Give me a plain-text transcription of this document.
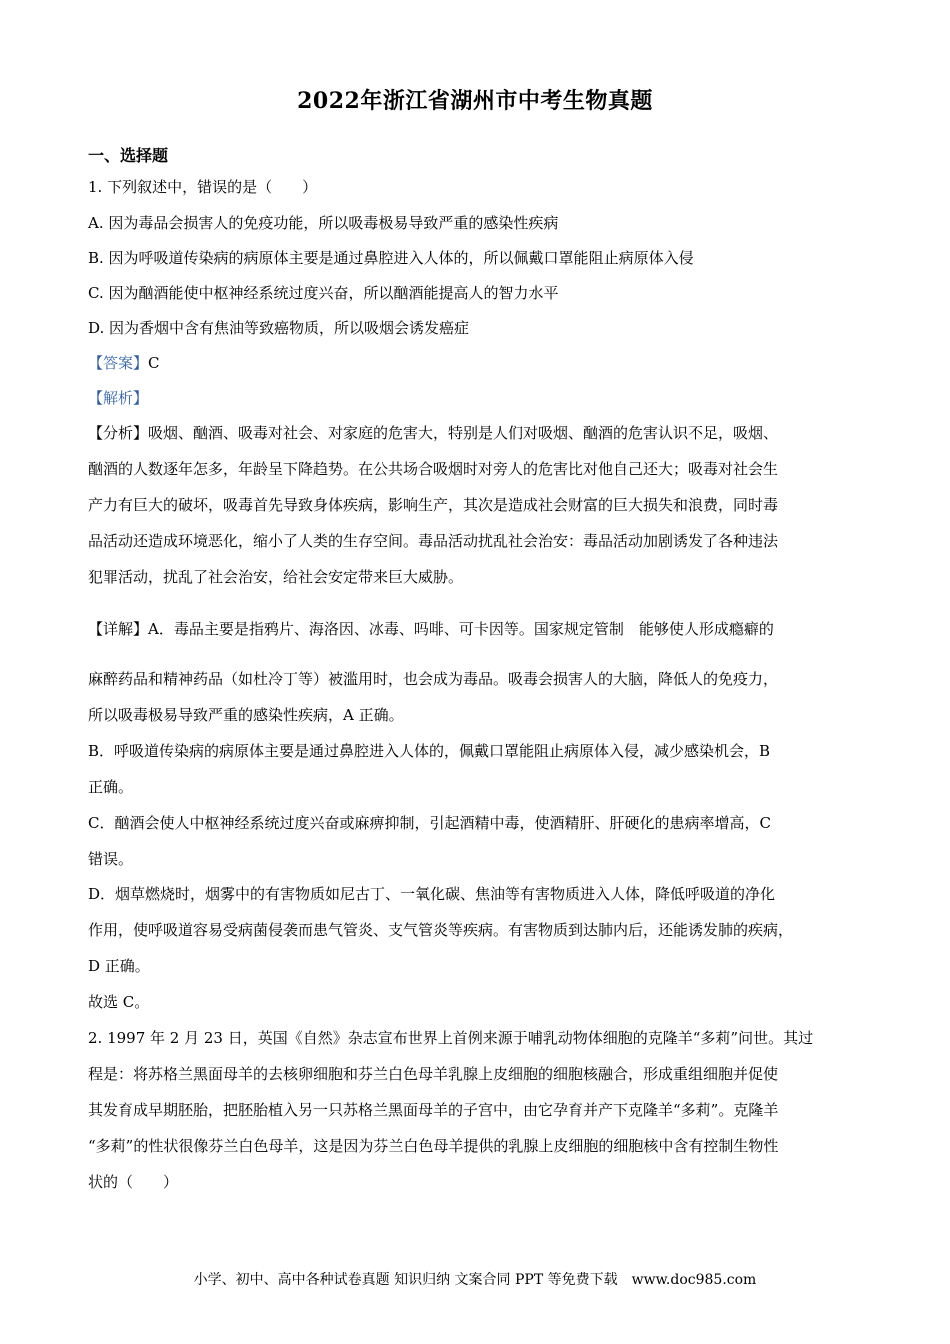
2022年浙江省湖州市中考生物真题
一、选择题
1. 下列叙述中，错误的是（　　）
A. 因为毒品会损害人的免疫功能，所以吸毒极易导致严重的感染性疾病
B. 因为呼吸道传染病的病原体主要是通过鼻腔进入人体的，所以佩戴口罩能阻止病原体入侵
C. 因为酗酒能使中枢神经系统过度兴奋，所以酗酒能提高人的智力水平
D. 因为香烟中含有焦油等致癌物质，所以吸烟会诱发癌症
【答案】C
【解析】
【分析】吸烟、酗酒、吸毒对社会、对家庭的危害大，特别是人们对吸烟、酗酒的危害认识不足，吸烟、
酗酒的人数逐年怎多，年龄呈下降趋势。在公共场合吸烟时对旁人的危害比对他自己还大；吸毒对社会生
产力有巨大的破坏，吸毒首先导致身体疾病，影响生产，其次是造成社会财富的巨大损失和浪费，同时毒
品活动还造成环境恶化，缩小了人类的生存空间。毒品活动扰乱社会治安：毒品活动加剧诱发了各种违法
犯罪活动，扰乱了社会治安，给社会安定带来巨大威胁。
【详解】A．毒品主要是指鸦片、海洛因、冰毒、吗啡、可卡因等。国家规定管制　能够使人形成瘾癖的
麻醉药品和精神药品（如杜冷丁等）被滥用时，也会成为毒品。吸毒会损害人的大脑，降低人的免疫力，
所以吸毒极易导致严重的感染性疾病，A 正确。
B．呼吸道传染病的病原体主要是通过鼻腔进入人体的，佩戴口罩能阻止病原体入侵，减少感染机会，B
正确。
C．酗酒会使人中枢神经系统过度兴奋或麻痹抑制，引起酒精中毒，使酒精肝、肝硬化的患病率增高，C
错误。
D．烟草燃烧时，烟雾中的有害物质如尼古丁、一氧化碳、焦油等有害物质进入人体，降低呼吸道的净化
作用，使呼吸道容易受病菌侵袭而患气管炎、支气管炎等疾病。有害物质到达肺内后，还能诱发肺的疾病，
D 正确。
故选 C。
2. 1997 年 2 月 23 日，英国《自然》杂志宣布世界上首例来源于哺乳动物体细胞的克隆羊“多莉”问世。其过
程是：将苏格兰黑面母羊的去核卵细胞和芬兰白色母羊乳腺上皮细胞的细胞核融合，形成重组细胞并促使
其发育成早期胚胎，把胚胎植入另一只苏格兰黑面母羊的子宫中，由它孕育并产下克隆羊“多莉”。克隆羊
“多莉”的性状很像芬兰白色母羊，这是因为芬兰白色母羊提供的乳腺上皮细胞的细胞核中含有控制生物性
状的（　　）
小学、初中、高中各种试卷真题 知识归纳 文案合同 PPT 等免费下载 www.doc985.com
